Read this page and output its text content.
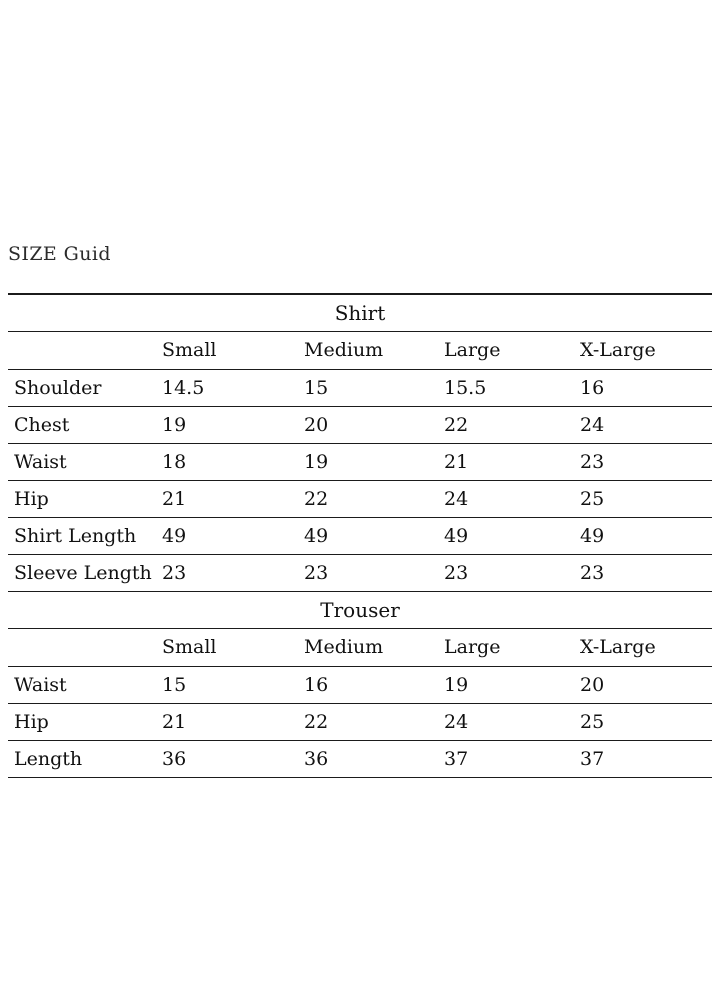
SIZE Guid

Shirt				
	Small	Medium	Large	X-Large
Shoulder	14.5	15	15.5	16
Chest	19	20	22	24
Waist	18	19	21	23
Hip	21	22	24	25
Shirt Length	49	49	49	49
Sleeve Length	23	23	23	23
Trouser				
	Small	Medium	Large	X-Large
Waist	15	16	19	20
Hip	21	22	24	25
Length	36	36	37	37
